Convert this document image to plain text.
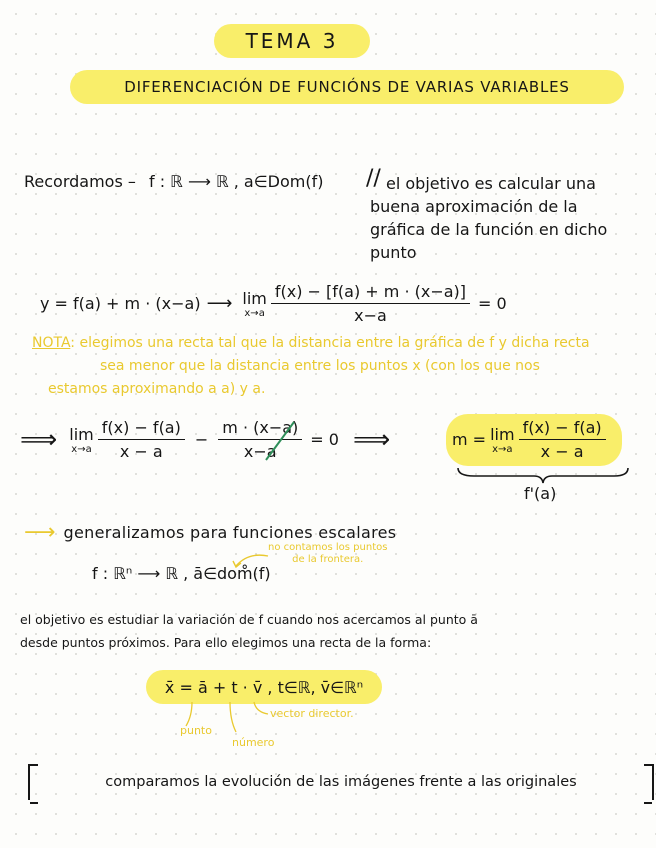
TEMA 3
DIFERENCIACIÓN DE FUNCIÓNS DE VARIAS VARIABLES
Recordamos – f : ℝ ⟶ ℝ , a∈Dom(f) // el objetivo es calcular una
buena aproximación de la
gráfica de la función en dicho
punto
y = f(a) + m · (x−a) ⟶ lim
$x\to a \frac{f(x) - [f(a) + m \cdot (x-a)]}{x-a} = 0$
NOTA: elegimos una recta tal que la distancia entre la gráfica de f y dicha recta
sea menor que la distancia entre los puntos x (con los que nos
estamos aproximando a a) y a.
⟹ lim
$x\to a \frac{f(x) - f(a)}{x - a} - \frac{m \cdot (x-a)}{x-a} = 0$ ⟹	m = lim
$x\to a \frac{f(x) - f(a)}{x - a}$
f'(a)
⟶ generalizamos para funciones escalares
f : ℝⁿ ⟶ ℝ , ā∈dom̊(f)
no contamos los puntos
de la frontera.
el objetivo es estudiar la variación de f cuando nos acercamos al punto ā
desde puntos próximos. Para ello elegimos una recta de la forma:
x̄ = ā + t · v̄ , t∈ℝ, v̄∈ℝⁿ
vector director.
punto
número
comparamos la evolución de las imágenes frente a las originales
